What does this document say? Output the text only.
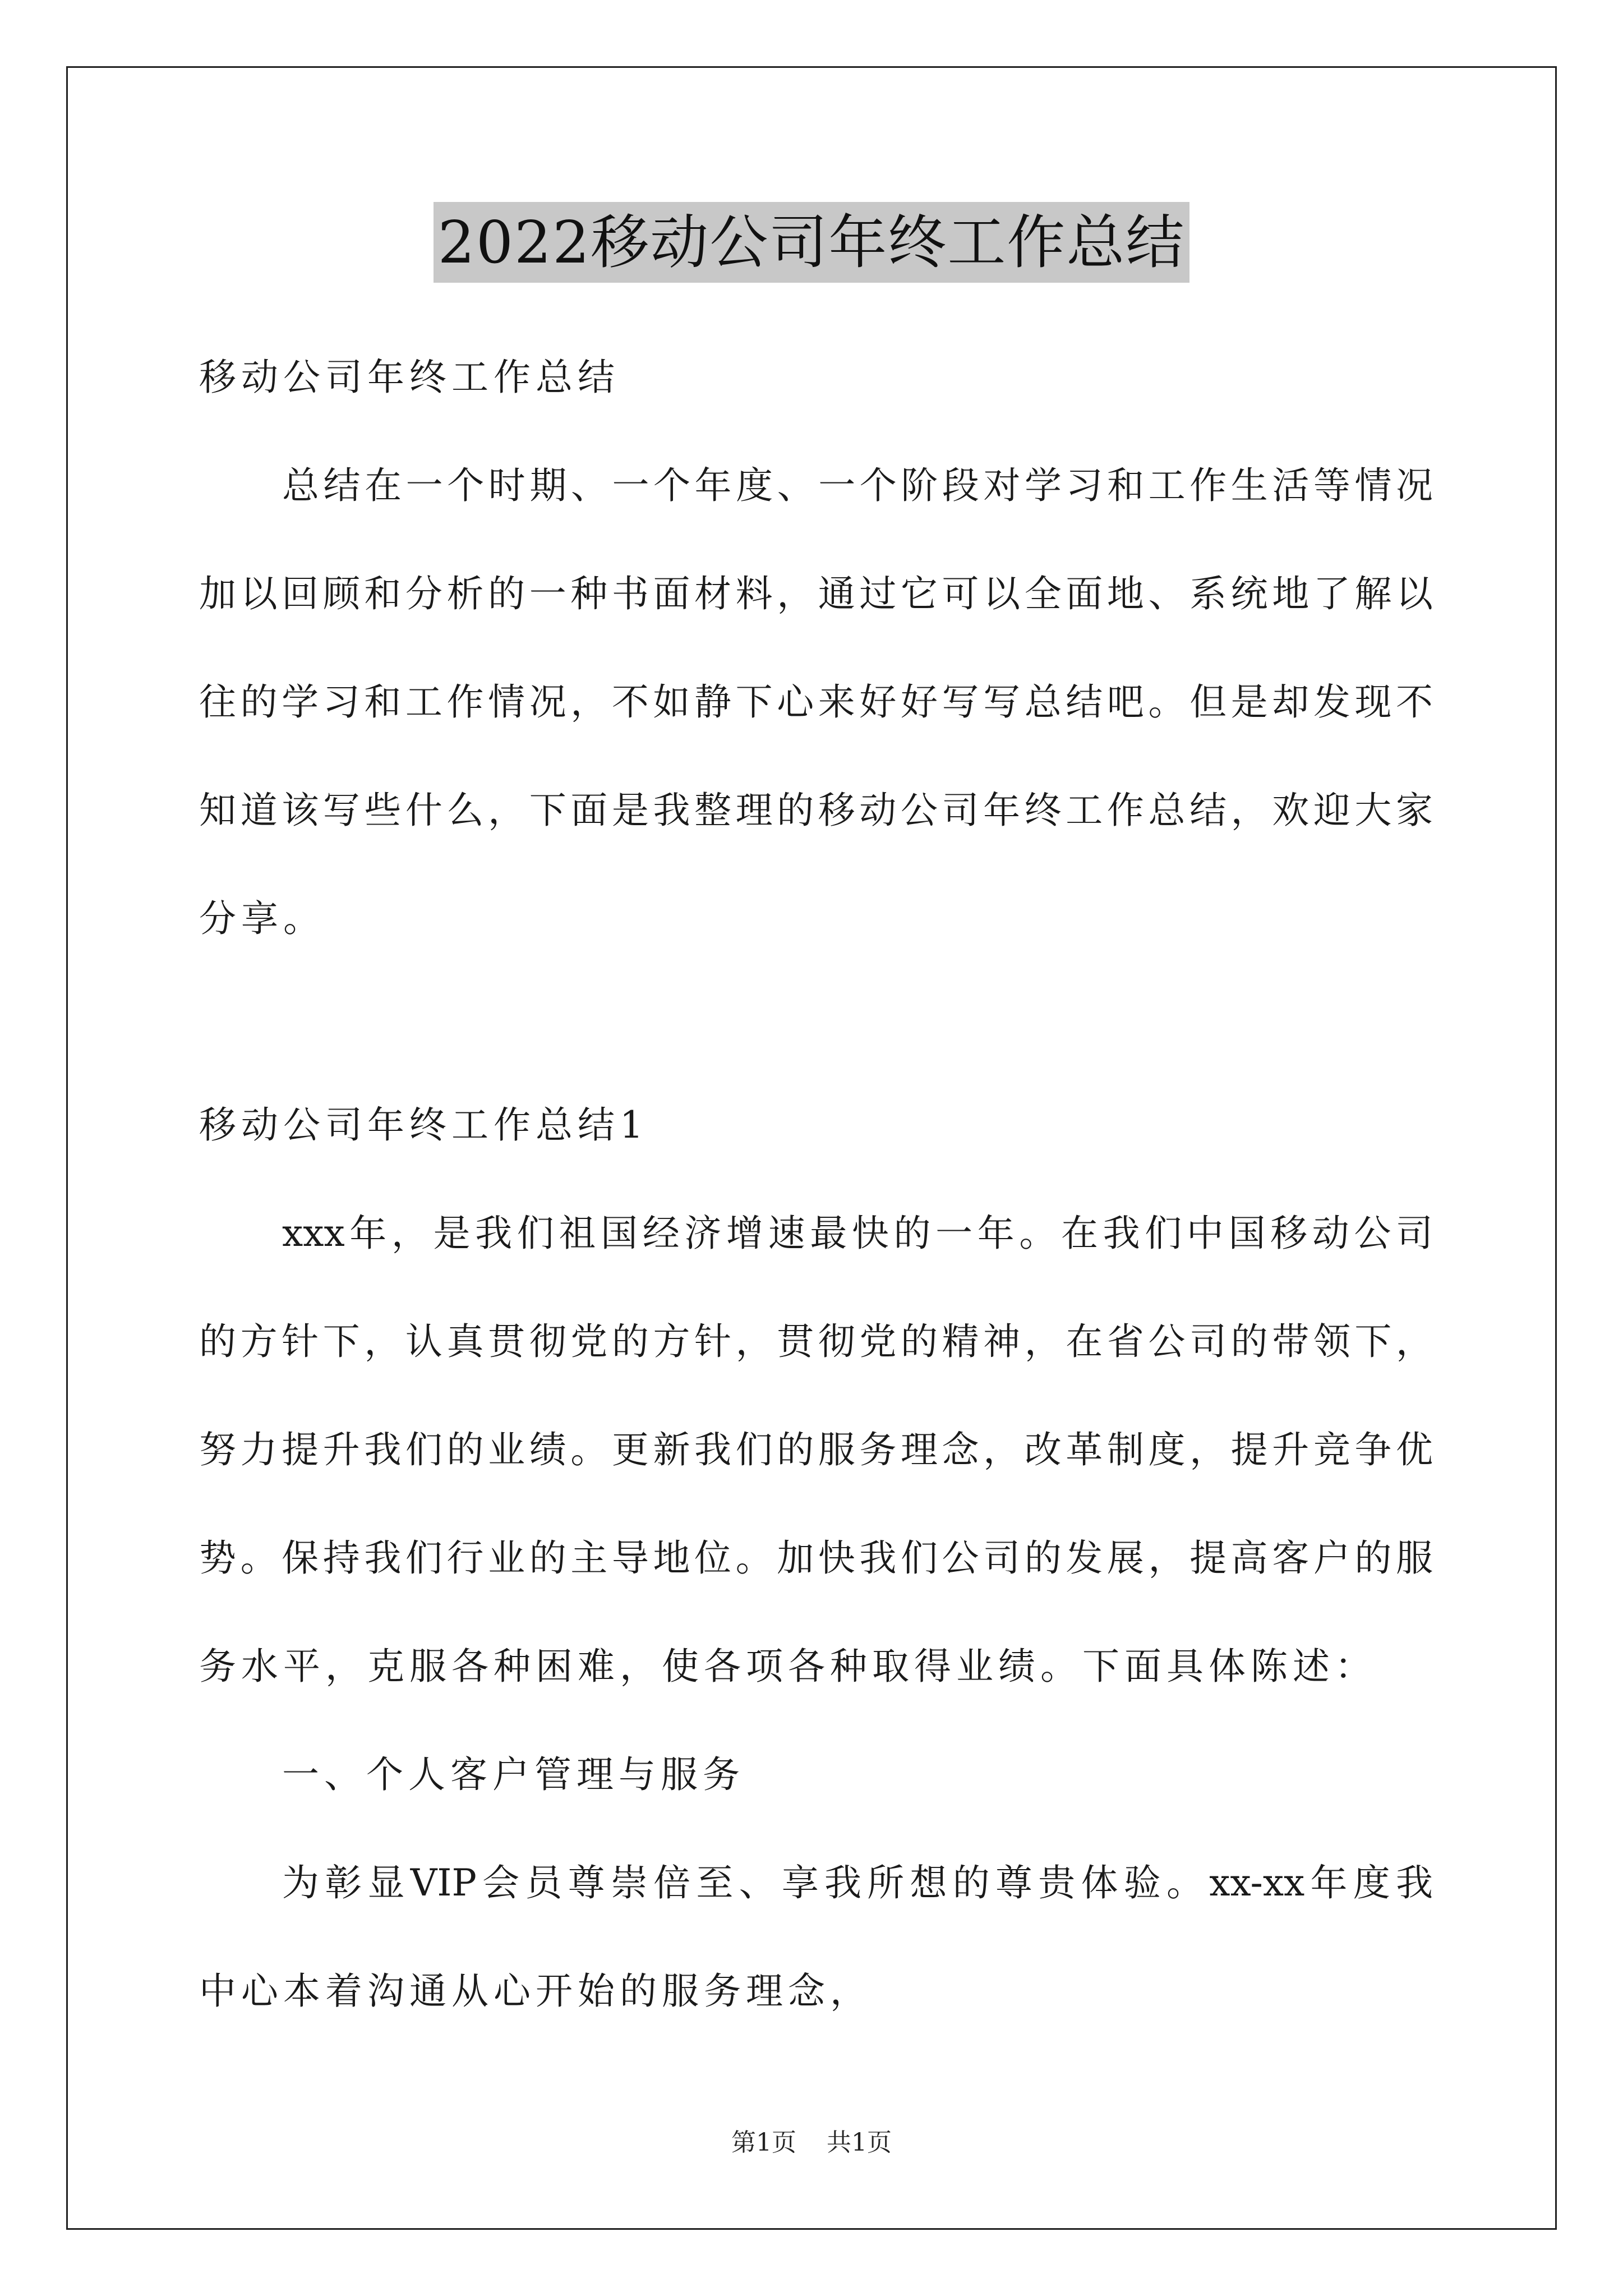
2022移动公司年终工作总结
移动公司年终工作总结
总结在一个时期、一个年度、一个阶段对学习和工作生活等情况
加以回顾和分析的一种书面材料，通过它可以全面地、系统地了解以
往的学习和工作情况，不如静下心来好好写写总结吧。但是却发现不
知道该写些什么，下面是我整理的移动公司年终工作总结，欢迎大家
分享。
移动公司年终工作总结1
xxx年，是我们祖国经济增速最快的一年。在我们中国移动公司
的方针下，认真贯彻党的方针，贯彻党的精神，在省公司的带领下，
努力提升我们的业绩。更新我们的服务理念，改革制度，提升竞争优
势。保持我们行业的主导地位。加快我们公司的发展，提高客户的服
务水平，克服各种困难，使各项各种取得业绩。下面具体陈述：
一、个人客户管理与服务
为彰显VIP会员尊崇倍至、享我所想的尊贵体验。xx-xx年度我
中心本着沟通从心开始的服务理念，
第1页 共1页
